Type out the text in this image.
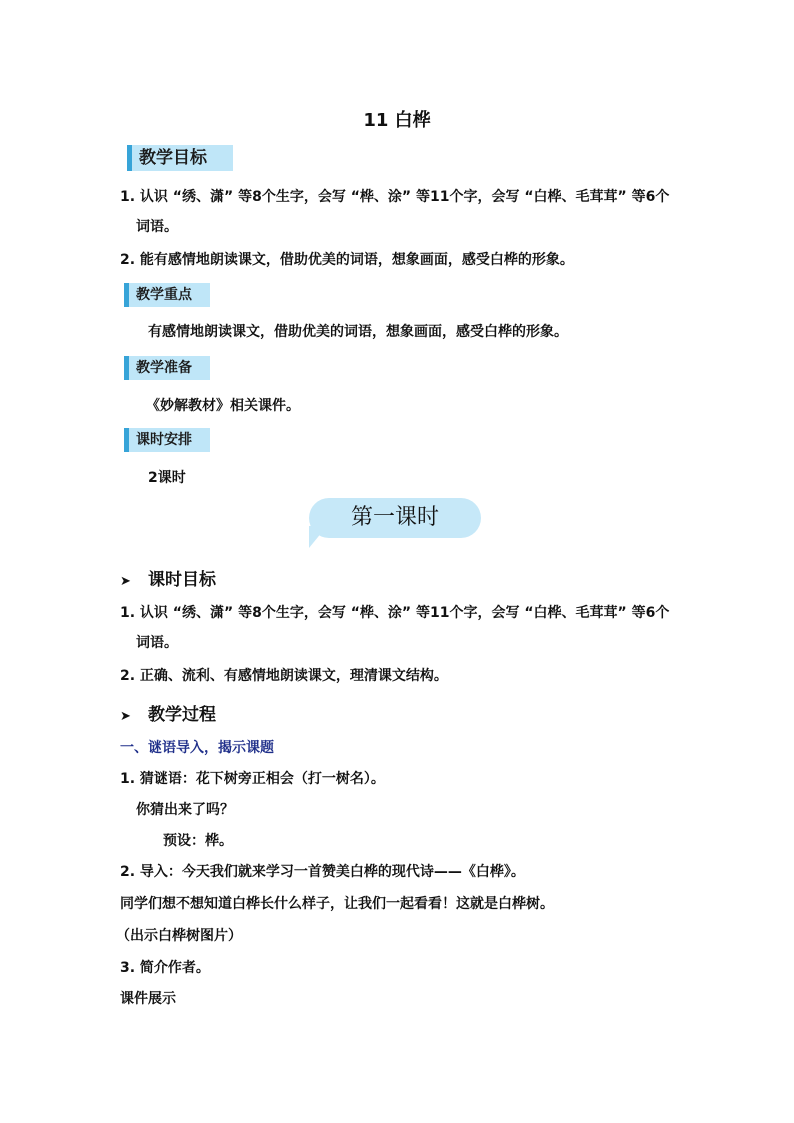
11 白桦
教学目标
1. 认识 “绣、潇” 等8个生字，会写 “桦、涂” 等11个字，会写 “白桦、毛茸茸” 等6个
词语。
2. 能有感情地朗读课文，借助优美的词语，想象画面，感受白桦的形象。
教学重点
有感情地朗读课文，借助优美的词语，想象画面，感受白桦的形象。
教学准备
《妙解教材》相关课件。
课时安排
2课时
第一课时
➤ 课时目标
1. 认识 “绣、潇” 等8个生字，会写 “桦、涂” 等11个字，会写 “白桦、毛茸茸” 等6个
词语。
2. 正确、流利、有感情地朗读课文，理清课文结构。
➤ 教学过程
一、谜语导入，揭示课题
1. 猜谜语：花下树旁正相会（打一树名）。
你猜出来了吗？
预设：桦。
2. 导入：今天我们就来学习一首赞美白桦的现代诗——《白桦》。
同学们想不想知道白桦长什么样子，让我们一起看看！这就是白桦树。
（出示白桦树图片）
3. 简介作者。
课件展示
